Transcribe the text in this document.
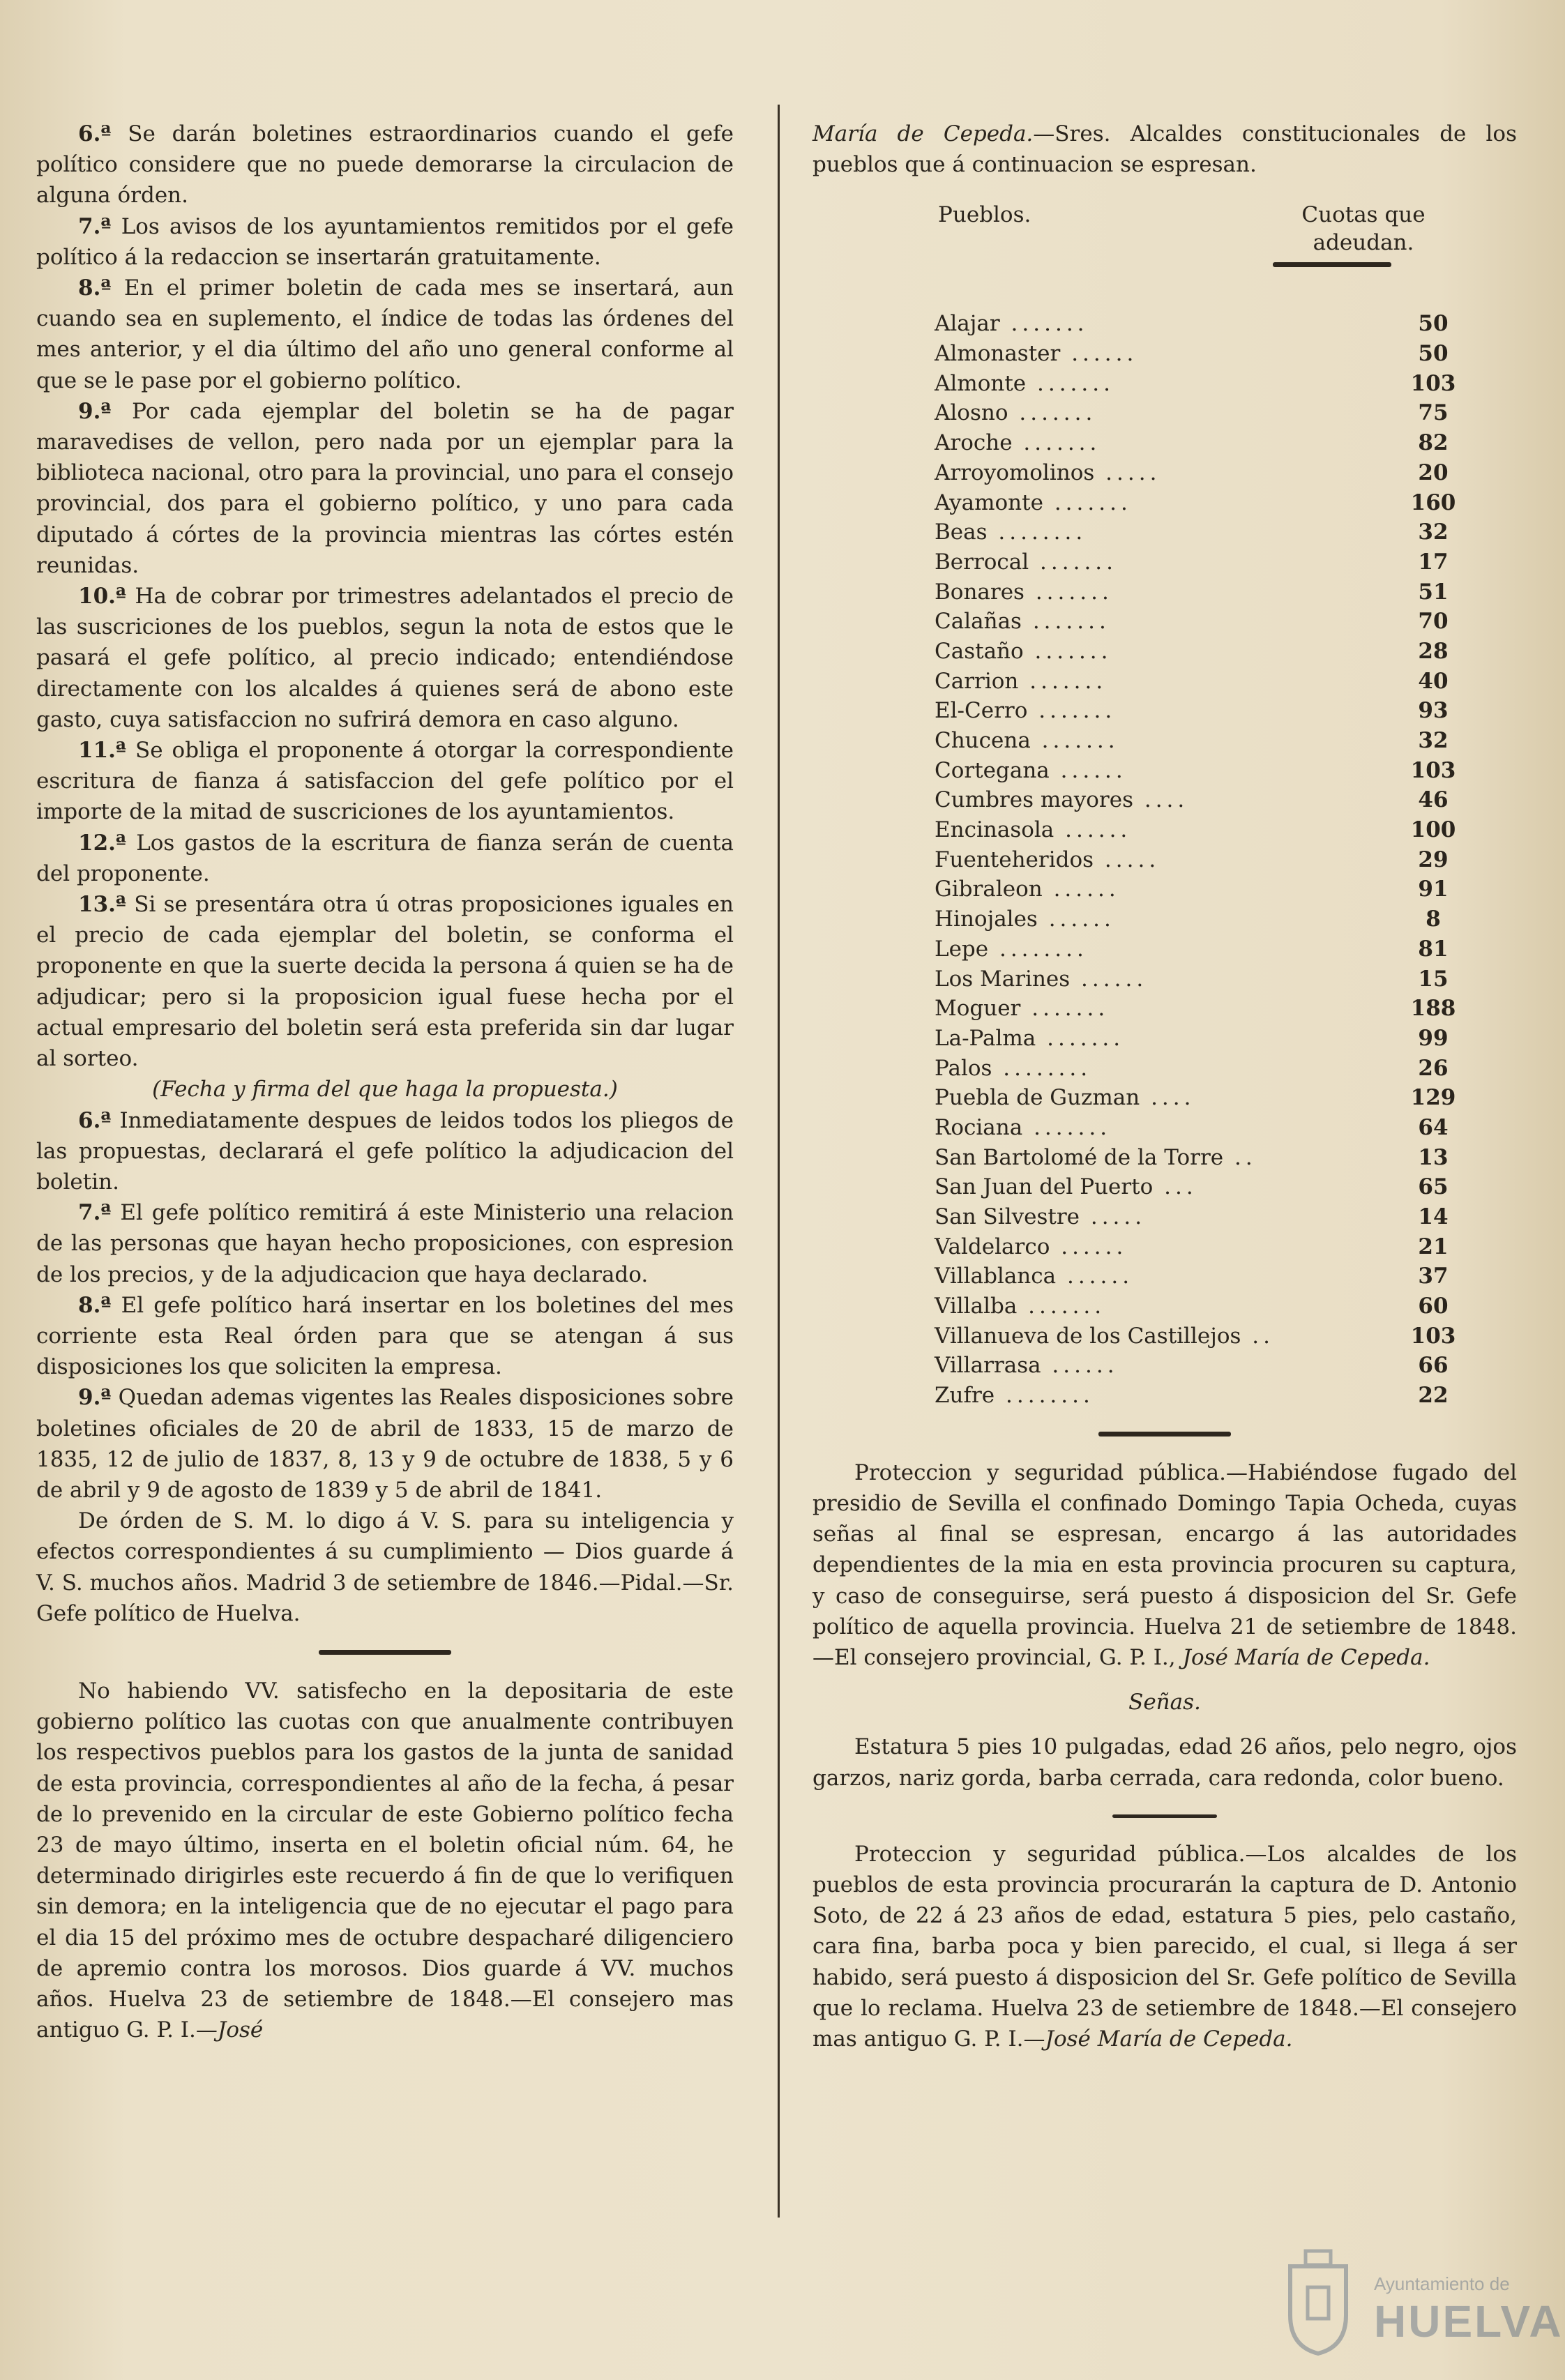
6.ª Se darán boletines estraordinarios cuando el gefe político considere que no puede demorarse la circulacion de alguna órden.

7.ª Los avisos de los ayuntamientos remitidos por el gefe político á la redaccion se insertarán gratuitamente.

8.ª En el primer boletin de cada mes se insertará, aun cuando sea en suplemento, el índice de todas las órdenes del mes anterior, y el dia último del año uno general conforme al que se le pase por el gobierno político.

9.ª Por cada ejemplar del boletin se ha de pagar maravedises de vellon, pero nada por un ejemplar para la biblioteca nacional, otro para la provincial, uno para el consejo provincial, dos para el gobierno político, y uno para cada diputado á córtes de la provincia mientras las córtes estén reunidas.

10.ª Ha de cobrar por trimestres adelantados el precio de las suscriciones de los pueblos, segun la nota de estos que le pasará el gefe político, al precio indicado; entendiéndose directamente con los alcaldes á quienes será de abono este gasto, cuya satisfaccion no sufrirá demora en caso alguno.

11.ª Se obliga el proponente á otorgar la correspondiente escritura de fianza á satisfaccion del gefe político por el importe de la mitad de suscriciones de los ayuntamientos.

12.ª Los gastos de la escritura de fianza serán de cuenta del proponente.

13.ª Si se presentára otra ú otras proposiciones iguales en el precio de cada ejemplar del boletin, se conforma el proponente en que la suerte decida la persona á quien se ha de adjudicar; pero si la proposicion igual fuese hecha por el actual empresario del boletin será esta preferida sin dar lugar al sorteo.

(Fecha y firma del que haga la propuesta.)

6.ª Inmediatamente despues de leidos todos los pliegos de las propuestas, declarará el gefe político la adjudicacion del boletin.

7.ª El gefe político remitirá á este Ministerio una relacion de las personas que hayan hecho proposiciones, con espresion de los precios, y de la adjudicacion que haya declarado.

8.ª El gefe político hará insertar en los boletines del mes corriente esta Real órden para que se atengan á sus disposiciones los que soliciten la empresa.

9.ª Quedan ademas vigentes las Reales disposiciones sobre boletines oficiales de 20 de abril de 1833, 15 de marzo de 1835, 12 de julio de 1837, 8, 13 y 9 de octubre de 1838, 5 y 6 de abril y 9 de agosto de 1839 y 5 de abril de 1841.

De órden de S. M. lo digo á V. S. para su inteligencia y efectos correspondientes á su cumplimiento — Dios guarde á V. S. muchos años. Madrid 3 de setiembre de 1846.—Pidal.—Sr. Gefe político de Huelva.

No habiendo VV. satisfecho en la depositaria de este gobierno político las cuotas con que anualmente contribuyen los respectivos pueblos para los gastos de la junta de sanidad de esta provincia, correspondientes al año de la fecha, á pesar de lo prevenido en la circular de este Gobierno político fecha 23 de mayo último, inserta en el boletin oficial núm. 64, he determinado dirigirles este recuerdo á fin de que lo verifiquen sin demora; en la inteligencia que de no ejecutar el pago para el dia 15 del próximo mes de octubre despacharé diligenciero de apremio contra los morosos. Dios guarde á VV. muchos años. Huelva 23 de setiembre de 1848.—El consejero mas antiguo G. P. I.—José

María de Cepeda.—Sres. Alcaldes constitucionales de los pueblos que á continuacion se espresan.

Pueblos.	Cuotas que
adeudan.
Alajar .......	50
Almonaster ......	50
Almonte .......	103
Alosno .......	75
Aroche .......	82
Arroyomolinos .....	20
Ayamonte .......	160
Beas ........	32
Berrocal .......	17
Bonares .......	51
Calañas .......	70
Castaño .......	28
Carrion .......	40
El-Cerro .......	93
Chucena .......	32
Cortegana ......	103
Cumbres mayores ....	46
Encinasola ......	100
Fuenteheridos .....	29
Gibraleon ......	91
Hinojales ......	8
Lepe ........	81
Los Marines ......	15
Moguer .......	188
La-Palma .......	99
Palos ........	26
Puebla de Guzman ....	129
Rociana .......	64
San Bartolomé de la Torre ..	13
San Juan del Puerto ...	65
San Silvestre .....	14
Valdelarco ......	21
Villablanca ......	37
Villalba .......	60
Villanueva de los Castillejos ..	103
Villarrasa ......	66
Zufre ........	22

Proteccion y seguridad pública.—Habiéndose fugado del presidio de Sevilla el confinado Domingo Tapia Ocheda, cuyas señas al final se espresan, encargo á las autoridades dependientes de la mia en esta provincia procuren su captura, y caso de conseguirse, será puesto á disposicion del Sr. Gefe político de aquella provincia. Huelva 21 de setiembre de 1848.—El consejero provincial, G. P. I., José María de Cepeda.

Señas.

Estatura 5 pies 10 pulgadas, edad 26 años, pelo negro, ojos garzos, nariz gorda, barba cerrada, cara redonda, color bueno.

Proteccion y seguridad pública.—Los alcaldes de los pueblos de esta provincia procurarán la captura de D. Antonio Soto, de 22 á 23 años de edad, estatura 5 pies, pelo castaño, cara fina, barba poca y bien parecido, el cual, si llega á ser habido, será puesto á disposicion del Sr. Gefe político de Sevilla que lo reclama. Huelva 23 de setiembre de 1848.—El consejero mas antiguo G. P. I.—José María de Cepeda.

Ayuntamiento de
HUELVA
